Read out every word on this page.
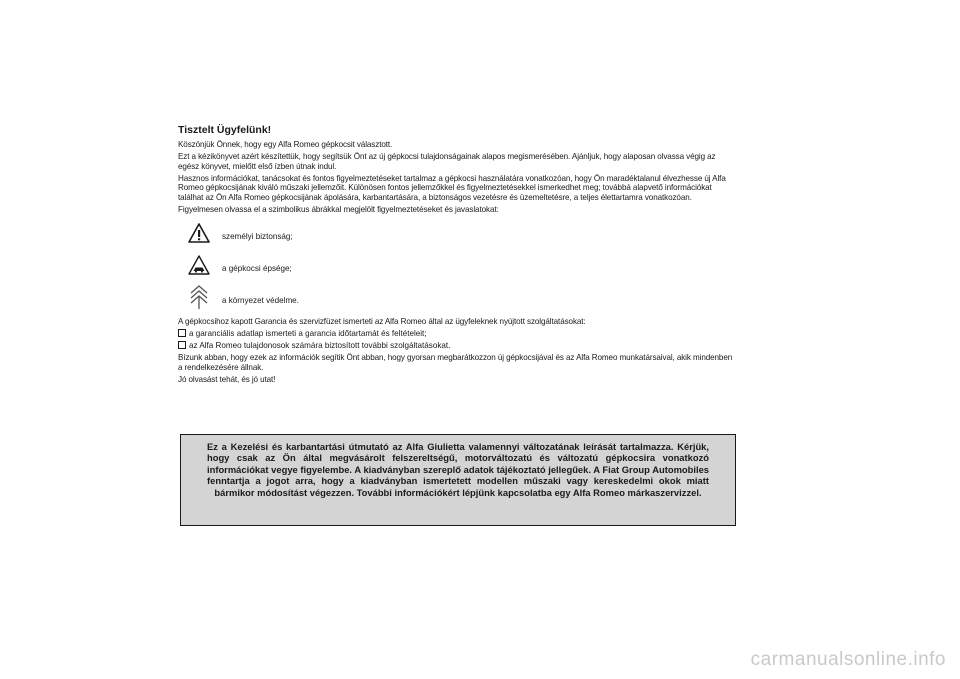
Tisztelt Ügyfelünk!
Köszönjük Önnek, hogy egy Alfa Romeo gépkocsit választott.
Ezt a kézikönyvet azért készítettük, hogy segítsük Önt az új gépkocsi tulajdonságainak alapos megismerésében. Ajánljuk, hogy alaposan olvassa végig az egész könyvet, mielőtt első ízben útnak indul.
Hasznos információkat, tanácsokat és fontos figyelmeztetéseket tartalmaz a gépkocsi használatára vonatkozóan, hogy Ön maradéktalanul élvezhesse új Alfa Romeo gépkocsijának kiváló műszaki jellemzőit. Különösen fontos jellemzőkkel és figyelmeztetésekkel ismerkedhet meg; továbbá alapvető információkat találhat az Ön Alfa Romeo gépkocsijának ápolására, karbantartására, a biztonságos vezetésre és üzemeltetésre, a teljes élettartamra vonatkozóan.
Figyelmesen olvassa el a szimbolikus ábrákkal megjelölt figyelmeztetéseket és javaslatokat:
személyi biztonság;
a gépkocsi épsége;
a környezet védelme.
A gépkocsihoz kapott Garancia és szervizfüzet ismerteti az Alfa Romeo által az ügyfeleknek nyújtott szolgáltatásokat:
a garanciális adatlap ismerteti a garancia időtartamát és feltételeit;
az Alfa Romeo tulajdonosok számára biztosított további szolgáltatásokat.
Bízunk abban, hogy ezek az információk segítik Önt abban, hogy gyorsan megbarátkozzon új gépkocsijával és az Alfa Romeo munkatársaival, akik mindenben a rendelkezésére állnak.
Jó olvasást tehát, és jó utat!
Ez a Kezelési és karbantartási útmutató az Alfa Giulietta valamennyi változatának leírását tartalmazza. Kérjük, hogy csak az Ön által megvásárolt felszereltségű, motorváltozatú és változatú gépkocsira vonatkozó információkat vegye figyelembe. A kiadványban szereplő adatok tájékoztató jellegűek. A Fiat Group Automobiles fenntartja a jogot arra, hogy a kiadványban ismertetett modellen műszaki vagy kereskedelmi okok miatt bármikor módosítást végezzen. További információkért lépjünk kapcsolatba egy Alfa Romeo márkaszervizzel.
carmanualsonline.info
